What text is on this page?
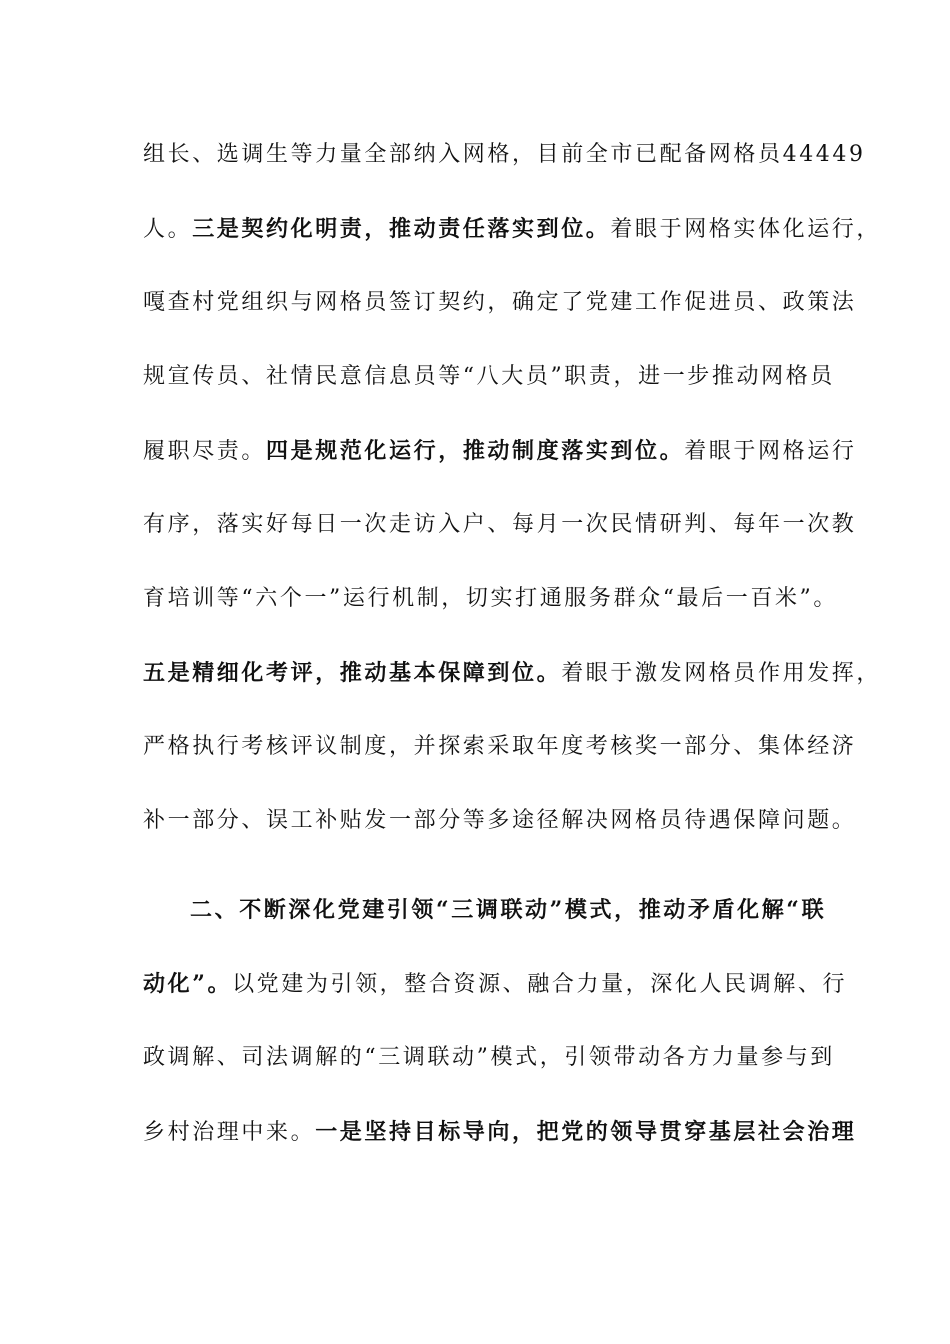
组长、选调生等力量全部纳入网格，目前全市已配备网格员44449
人。三是契约化明责，推动责任落实到位。着眼于网格实体化运行，
嘎查村党组织与网格员签订契约，确定了党建工作促进员、政策法
规宣传员、社情民意信息员等“八大员”职责，进一步推动网格员
履职尽责。四是规范化运行，推动制度落实到位。着眼于网格运行
有序，落实好每日一次走访入户、每月一次民情研判、每年一次教
育培训等“六个一”运行机制，切实打通服务群众“最后一百米”。
五是精细化考评，推动基本保障到位。着眼于激发网格员作用发挥，
严格执行考核评议制度，并探索采取年度考核奖一部分、集体经济
补一部分、误工补贴发一部分等多途径解决网格员待遇保障问题。
二、不断深化党建引领“三调联动”模式，推动矛盾化解“联
动化”。以党建为引领，整合资源、融合力量，深化人民调解、行
政调解、司法调解的“三调联动”模式，引领带动各方力量参与到
乡村治理中来。一是坚持目标导向，把党的领导贯穿基层社会治理
